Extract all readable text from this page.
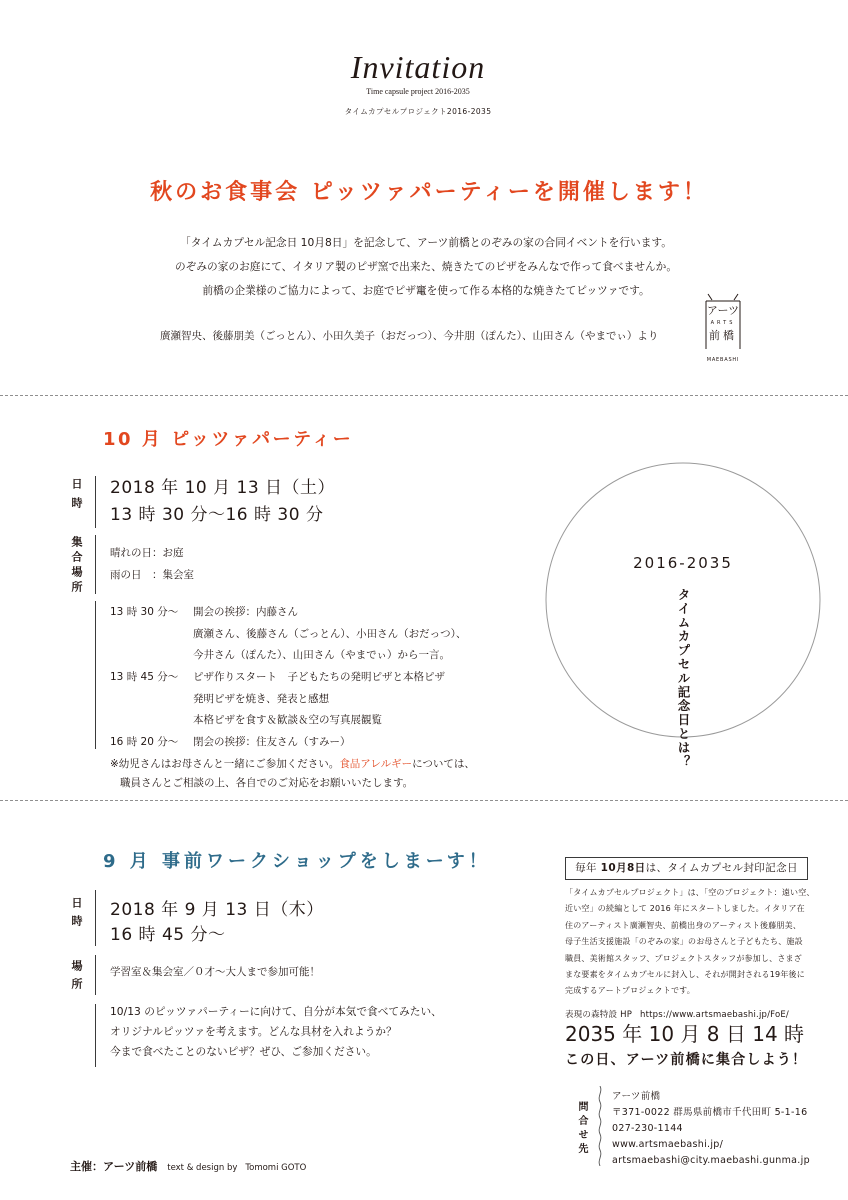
Invitation
Time capsule project 2016-2035
タイムカプセルプロジェクト2016-2035
秋のお食事会 ピッツァパーティーを開催します！
「タイムカプセル記念日 10月8日」を記念して、アーツ前橋とのぞみの家の合同イベントを行います。
のぞみの家のお庭にて、イタリア製のピザ窯で出来た、焼きたてのピザをみんなで作って食べませんか。
前橋の企業様のご協力によって、お庭でピザ竃を使って作る本格的な焼きたてピッツァです。
廣瀬智央、後藤朋美（ごっとん）、小田久美子（おだっつ）、今井朋（ぽんた）、山田さん（やまでぃ）より
アーツ
ARTS
前橋
MAEBASHI
10 月 ピッツァパーティー
日時 2018 年 10 月 13 日（土）
13 時 30 分〜16 時 30 分
集合場所	晴れの日：お庭
雨の日　：集会室
13 時 30 分〜	開会の挨拶：内藤さん
廣瀬さん、後藤さん（ごっとん）、小田さん（おだっつ）、
今井さん（ぽんた）、山田さん（やまでぃ）から一言。
13 時 45 分〜	ピザ作りスタート　子どもたちの発明ピザと本格ピザ
発明ピザを焼き、発表と感想
本格ピザを食す＆歓談＆空の写真展観覧
16 時 20 分〜	閉会の挨拶：住友さん（すみー）
※幼児さんはお母さんと一緒にご参加ください。食品アレルギーについては、
職員さんとご相談の上、各自でのご対応をお願いいたします。
2016-2035
タイムカプセル記念日とは？
9 月 事前ワークショップをしまーす！
日時 2018 年 9 月 13 日（木）
16 時 45 分〜
場所	学習室＆集会室／０才〜大人まで参加可能！
10/13 のピッツァパーティーに向けて、自分が本気で食べてみたい、
オリジナルピッツァを考えます。どんな具材を入れようか？
今まで食べたことのないピザ？ぜひ、ご参加ください。
毎年 10月8日は、タイムカプセル封印記念日
「タイムカプセルプロジェクト」は、「空のプロジェクト：遠い空、
近い空」の続編として 2016 年にスタートしました。イタリア在
住のアーティスト廣瀬智央、前橋出身のアーティスト後藤朋美、
母子生活支援施設「のぞみの家」のお母さんと子どもたち、施設
職員、美術館スタッフ、プロジェクトスタッフが参加し、さまざ
まな要素をタイムカプセルに封入し、それが開封される19年後に
完成するアートプロジェクトです。
表現の森特設 HP https://www.artsmaebashi.jp/FoE/
2035 年 10 月 8 日 14 時
この日、アーツ前橋に集合しよう！
問合せ先
アーツ前橋
〒371-0022 群馬県前橋市千代田町 5-1-16
027-230-1144
www.artsmaebashi.jp/
artsmaebashi@city.maebashi.gunma.jp
主催：アーツ前橋 text & design by Tomomi GOTO
